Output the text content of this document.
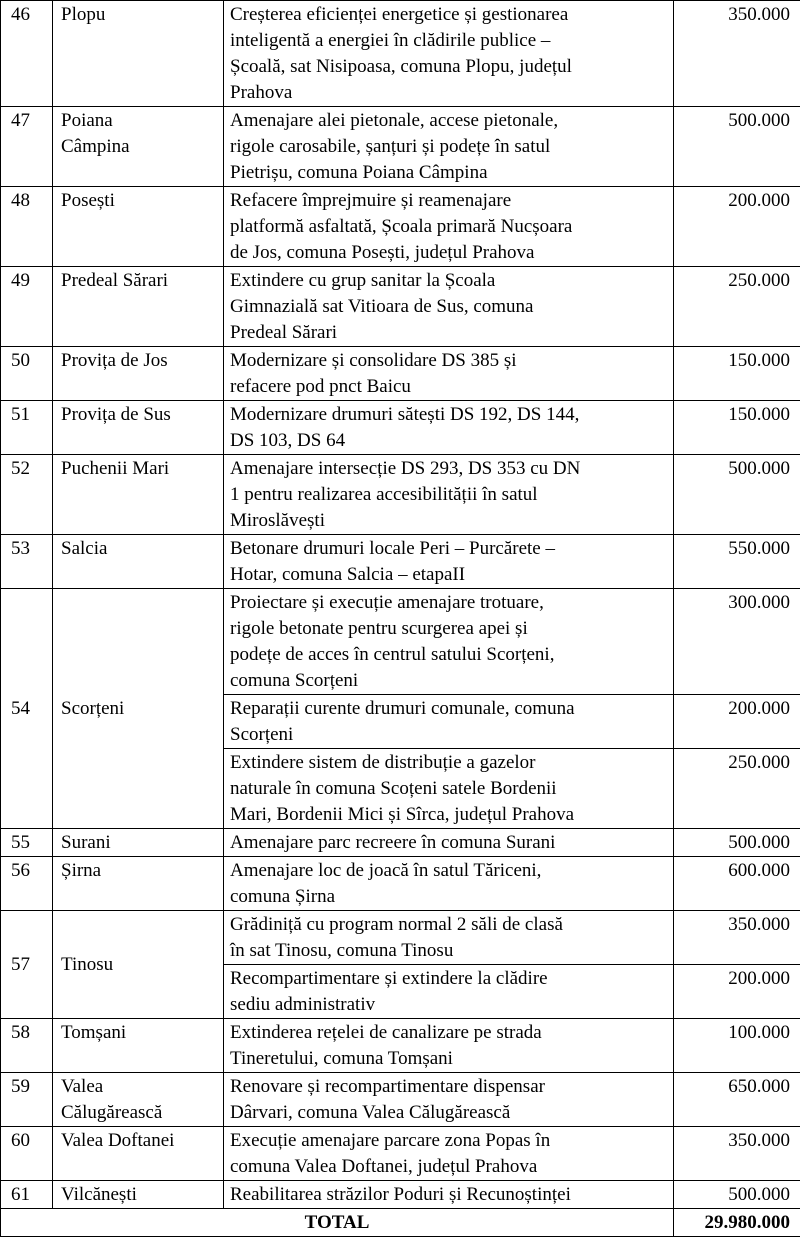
46	Plopu	Creșterea eficienței energetice și gestionarea
inteligentă a energiei în clădirile publice –
Școală, sat Nisipoasa, comuna Plopu, județul
Prahova	350.000
47	Poiana
Câmpina	Amenajare alei pietonale, accese pietonale,
rigole carosabile, șanțuri și podețe în satul
Pietrișu, comuna Poiana Câmpina	500.000
48	Posești	Refacere împrejmuire și reamenajare
platformă asfaltată, Școala primară Nucșoara
de Jos, comuna Posești, județul Prahova	200.000
49	Predeal Sărari	Extindere cu grup sanitar la Școala
Gimnazială sat Vitioara de Sus, comuna
Predeal Sărari	250.000
50	Provița de Jos	Modernizare și consolidare DS 385 și
refacere pod pnct Baicu	150.000
51	Provița de Sus	Modernizare drumuri sătești DS 192, DS 144,
DS 103, DS 64	150.000
52	Puchenii Mari	Amenajare intersecție DS 293, DS 353 cu DN
1 pentru realizarea accesibilității în satul
Miroslăvești	500.000
53	Salcia	Betonare drumuri locale Peri – Purcărete –
Hotar, comuna Salcia – etapaII	550.000
54	Scorțeni	Proiectare și execuție amenajare trotuare,
rigole betonate pentru scurgerea apei și
podețe de acces în centrul satului Scorțeni,
comuna Scorțeni	300.000

		Reparații curente drumuri comunale, comuna
Scorțeni	200.000

		Extindere sistem de distribuție a gazelor
naturale în comuna Scoțeni satele Bordenii
Mari, Bordenii Mici și Sîrca, județul Prahova	250.000
55	Surani	Amenajare parc recreere în comuna Surani	500.000
56	Șirna	Amenajare loc de joacă în satul Tăriceni,
comuna Șirna	600.000
57	Tinosu	Grădiniță cu program normal 2 săli de clasă
în sat Tinosu, comuna Tinosu	350.000

		Recompartimentare și extindere la clădire
sediu administrativ	200.000
58	Tomșani	Extinderea rețelei de canalizare pe strada
Tineretului, comuna Tomșani	100.000
59	Valea
Călugărească	Renovare și recompartimentare dispensar
Dârvari, comuna Valea Călugărească	650.000
60	Valea Doftanei	Execuție amenajare parcare zona Popas în
comuna Valea Doftanei, județul Prahova	350.000
61	Vilcănești	Reabilitarea străzilor Poduri și Recunoștinței	500.000
TOTAL			29.980.000
